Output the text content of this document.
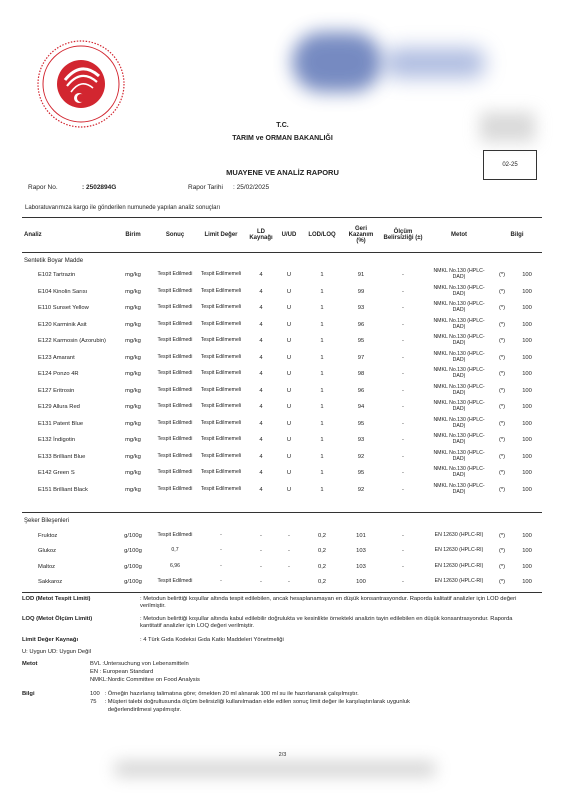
T.C.
TARIM ve ORMAN BAKANLIĞI
02-25
MUAYENE VE ANALİZ RAPORU
Rapor No.	: 2502894G	Rapor Tarihi : 25/02/2025
Laboratuvarımıza kargo ile gönderilen numunede yapılan analiz sonuçları
Analiz	Birim	Sonuç	Limit Değer	LD Kaynağı	U/UD	LOD/LOQ	Geri Kazanım (%)	Ölçüm Belirsizliği (±)	Metot	Bilgi
Sentetik Boyar Madde											
E102 Tartrazin	mg/kg	Tespit Edilmedi	Tespit Edilmemeli	4	U	1	91	-	NMKL No.130 (HPLC-DAD)	(*)	100
E104 Kinolin Sarısı	mg/kg	Tespit Edilmedi	Tespit Edilmemeli	4	U	1	99	-	NMKL No.130 (HPLC-DAD)	(*)	100
E110 Sunset Yellow	mg/kg	Tespit Edilmedi	Tespit Edilmemeli	4	U	1	93	-	NMKL No.130 (HPLC-DAD)	(*)	100
E120 Karminik Asit	mg/kg	Tespit Edilmedi	Tespit Edilmemeli	4	U	1	96	-	NMKL No.130 (HPLC-DAD)	(*)	100
E122 Karmosin (Azorubin)	mg/kg	Tespit Edilmedi	Tespit Edilmemeli	4	U	1	95	-	NMKL No.130 (HPLC-DAD)	(*)	100
E123 Amarant	mg/kg	Tespit Edilmedi	Tespit Edilmemeli	4	U	1	97	-	NMKL No.130 (HPLC-DAD)	(*)	100
E124 Ponzo 4R	mg/kg	Tespit Edilmedi	Tespit Edilmemeli	4	U	1	98	-	NMKL No.130 (HPLC-DAD)	(*)	100
E127 Eritrosin	mg/kg	Tespit Edilmedi	Tespit Edilmemeli	4	U	1	96	-	NMKL No.130 (HPLC-DAD)	(*)	100
E129 Allura Red	mg/kg	Tespit Edilmedi	Tespit Edilmemeli	4	U	1	94	-	NMKL No.130 (HPLC-DAD)	(*)	100
E131 Patent Blue	mg/kg	Tespit Edilmedi	Tespit Edilmemeli	4	U	1	95	-	NMKL No.130 (HPLC-DAD)	(*)	100
E132 İndigotin	mg/kg	Tespit Edilmedi	Tespit Edilmemeli	4	U	1	93	-	NMKL No.130 (HPLC-DAD)	(*)	100
E133 Brilliant Blue	mg/kg	Tespit Edilmedi	Tespit Edilmemeli	4	U	1	92	-	NMKL No.130 (HPLC-DAD)	(*)	100
E142 Green S	mg/kg	Tespit Edilmedi	Tespit Edilmemeli	4	U	1	95	-	NMKL No.130 (HPLC-DAD)	(*)	100
E151 Brilliant Black	mg/kg	Tespit Edilmedi	Tespit Edilmemeli	4	U	1	92	-	NMKL No.130 (HPLC-DAD)	(*)	100
Şeker Bileşenleri											
Fruktoz	g/100g	Tespit Edilmedi	-	-	-	0,2	101	-	EN 12630 (HPLC-RI)	(*)	100
Glukoz	g/100g	0,7	-	-	-	0,2	103	-	EN 12630 (HPLC-RI)	(*)	100
Maltoz	g/100g	6,96	-	-	-	0,2	103	-	EN 12630 (HPLC-RI)	(*)	100
Sakkaroz	g/100g	Tespit Edilmedi	-	-	-	0,2	100	-	EN 12630 (HPLC-RI)	(*)	100
LOD (Metot Tespit Limiti)	: Metodun belirttiği koşullar altında tespit edilebilen, ancak hesaplanamayan en düşük konsantrasyondur. Raporda kalitatif analizler için LOD değeri verilmiştir.
LOQ (Metot Ölçüm Limiti)	: Metodun belirttiği koşullar altında kabul edilebilir doğrulukta ve kesinlikte örnekteki analizin tayin edilebilen en düşük konsantrasyondur. Raporda kantitatif analizler için LOQ değeri verilmiştir.
Limit Değer Kaynağı	: 4 Türk Gıda Kodeksi Gıda Katkı Maddeleri Yönetmeliği
U: Uygun UD: Uygun Değil
Metot	BVL :Untersuchung von Lebensmitteln
EN : European Standard
NMKL:Nordic Committee on Food Analysis
Bilgi	100   : Örneğin hazırlanış talimatına göre; örnekten 20 ml alınarak 100 ml su ile hazırlanarak çalışılmıştır.
75     : Müşteri talebi doğrultusunda ölçüm belirsizliği kullanılmadan elde edilen sonuç limit değer ile karşılaştırılarak uygunluk
değerlendirilmesi yapılmıştır.
2/3
